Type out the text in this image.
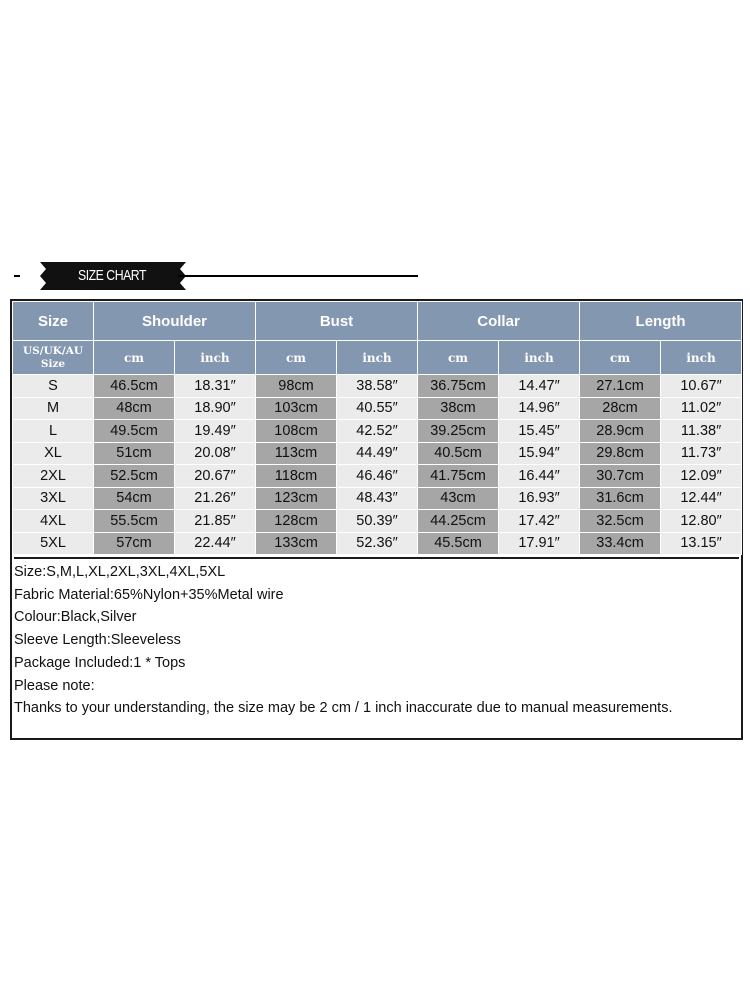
SIZE CHART
Size	Shoulder		Bust		Collar		Length	

US/UK/AU
Size	cm	inch	cm	inch	cm	inch	cm	inch
S	46.5cm	18.31″	98cm	38.58″	36.75cm	14.47″	27.1cm	10.67″
M	48cm	18.90″	103cm	40.55″	38cm	14.96″	28cm	11.02″
L	49.5cm	19.49″	108cm	42.52″	39.25cm	15.45″	28.9cm	11.38″
XL	51cm	20.08″	113cm	44.49″	40.5cm	15.94″	29.8cm	11.73″
2XL	52.5cm	20.67″	118cm	46.46″	41.75cm	16.44″	30.7cm	12.09″
3XL	54cm	21.26″	123cm	48.43″	43cm	16.93″	31.6cm	12.44″
4XL	55.5cm	21.85″	128cm	50.39″	44.25cm	17.42″	32.5cm	12.80″
5XL	57cm	22.44″	133cm	52.36″	45.5cm	17.91″	33.4cm	13.15″
Size:S,M,L,XL,2XL,3XL,4XL,5XL
Fabric Material:65%Nylon+35%Metal wire
Colour:Black,Silver
Sleeve Length:Sleeveless
Package Included:1 * Tops
Please note:
Thanks to your understanding, the size may be 2 cm / 1 inch inaccurate due to manual measurements.
